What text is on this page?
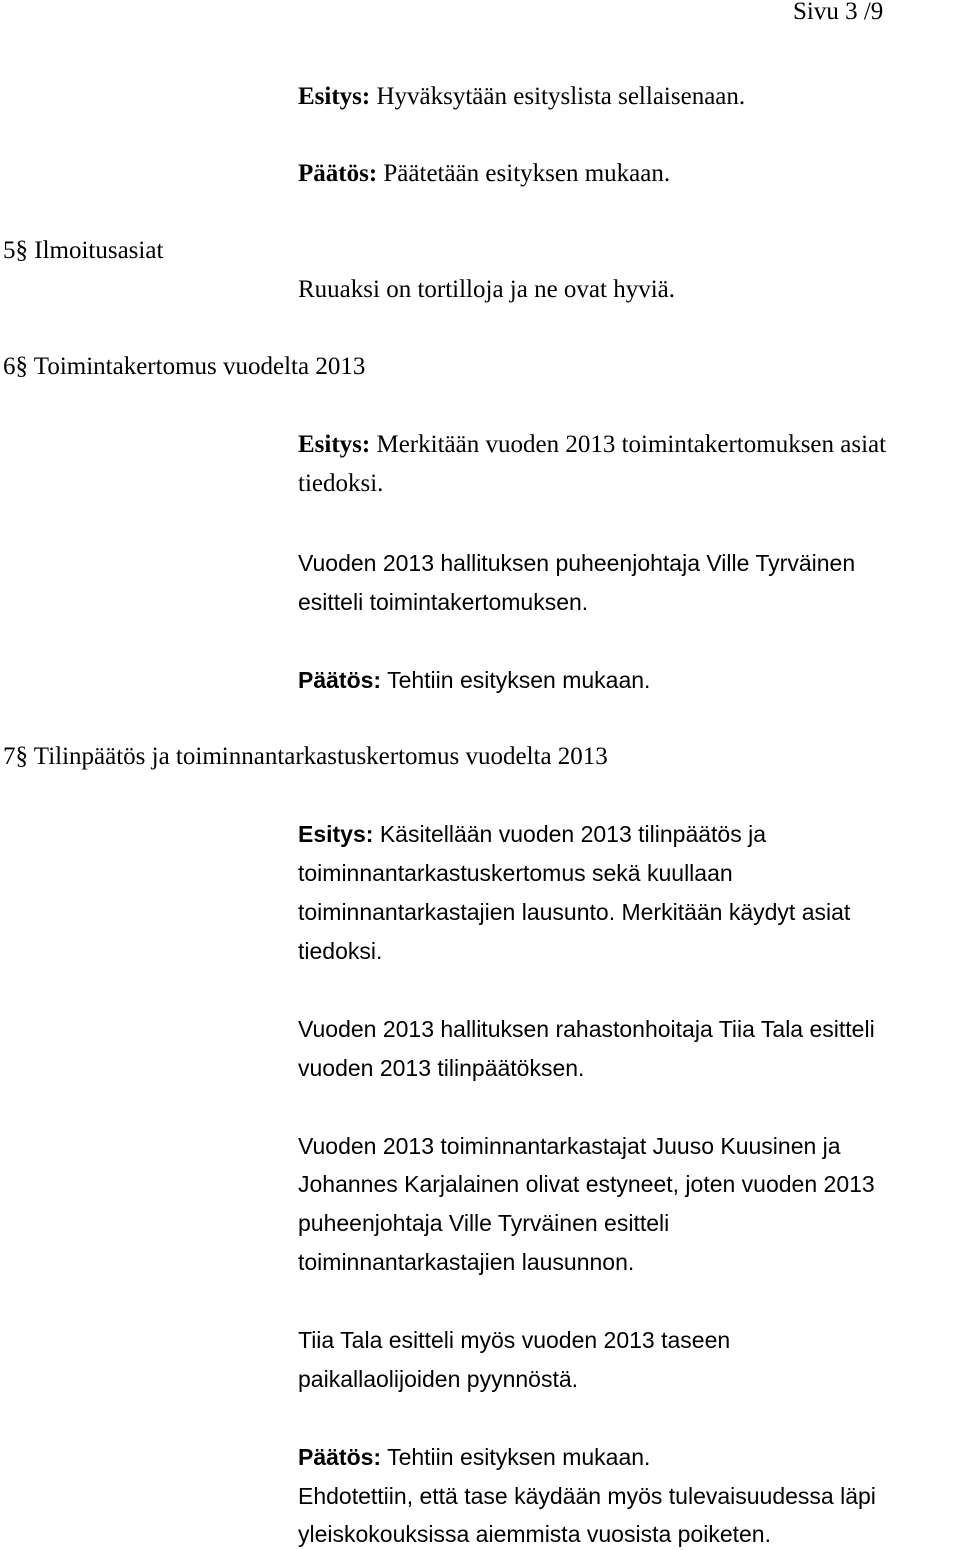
Sivu 3 /9
Esitys: Hyväksytään esityslista sellaisenaan.
Päätös: Päätetään esityksen mukaan.
5§ Ilmoitusasiat
Ruuaksi on tortilloja ja ne ovat hyviä.
6§ Toimintakertomus vuodelta 2013
Esitys: Merkitään vuoden 2013 toimintakertomuksen asiat
tiedoksi.
Vuoden 2013 hallituksen puheenjohtaja Ville Tyrväinen
esitteli toimintakertomuksen.
Päätös: Tehtiin esityksen mukaan.
7§ Tilinpäätös ja toiminnantarkastuskertomus vuodelta 2013
Esitys: Käsitellään vuoden 2013 tilinpäätös ja
toiminnantarkastuskertomus sekä kuullaan
toiminnantarkastajien lausunto. Merkitään käydyt asiat
tiedoksi.
Vuoden 2013 hallituksen rahastonhoitaja Tiia Tala esitteli
vuoden 2013 tilinpäätöksen.
Vuoden 2013 toiminnantarkastajat Juuso Kuusinen ja
Johannes Karjalainen olivat estyneet, joten vuoden 2013
puheenjohtaja Ville Tyrväinen esitteli
toiminnantarkastajien lausunnon.
Tiia Tala esitteli myös vuoden 2013 taseen
paikallaolijoiden pyynnöstä.
Päätös: Tehtiin esityksen mukaan.
Ehdotettiin, että tase käydään myös tulevaisuudessa läpi
yleiskokouksissa aiemmista vuosista poiketen.
